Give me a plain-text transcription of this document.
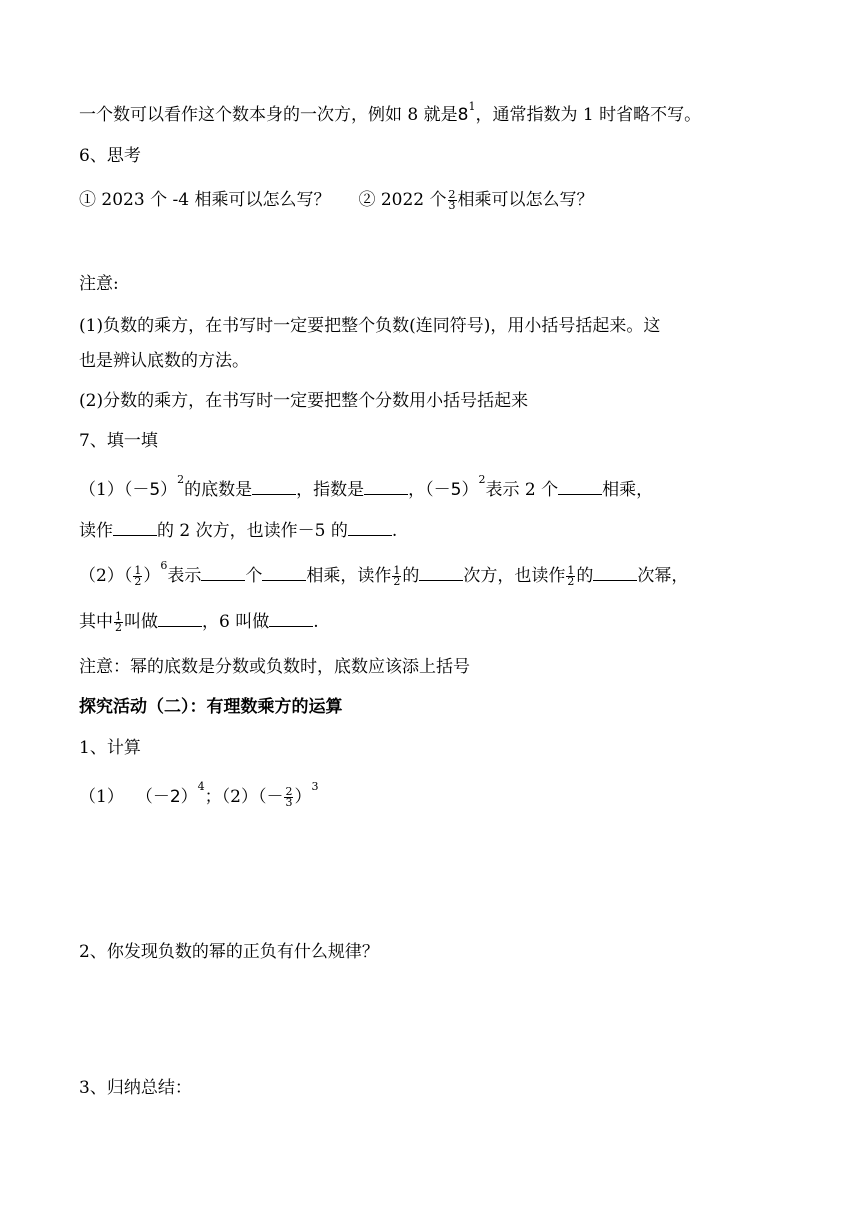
一个数可以看作这个数本身的一次方，例如 8 就是$8^1$，通常指数为 1 时省略不写。
6、思考
① 2023 个 -4 相乘可以怎么写？ ② 2022 个 $\frac{2}{3}$ 相乘可以怎么写？
注意:
(1)负数的乘方，在书写时一定要把整个负数(连同符号)，用小括号括起来。这
也是辨认底数的方法。
(2)分数的乘方，在书写时一定要把整个分数用小括号括起来
7、填一填
$(1)(-5)^2$的底数是	，指数是	，$(-5)^2$表示 2 个	相乘，
读作	的 2 次方，也读作－5 的	.
$(2)( \frac{1}{2} )^6$表示	个	相乘，读作 $\frac{1}{2}$ 的	次方，也读作 $\frac{1}{2}$ 的	次幂，
其中 $\frac{1}{2}$ 叫做	，6 叫做	.
注意：幂的底数是分数或负数时，底数应该添上括号
探究活动（二）：有理数乘方的运算
1、计算
（1） $(-2)^4$；$(2)(- \frac{2}{3} )^3$
2、你发现负数的幂的正负有什么规律？
3、归纳总结：
